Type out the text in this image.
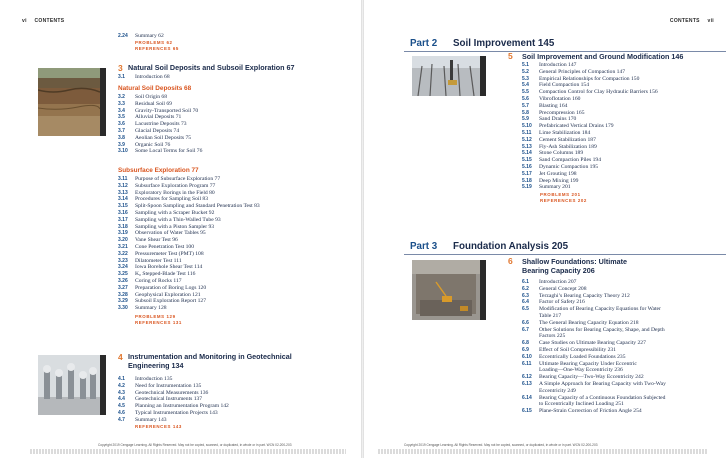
vi CONTENTS
2.24 Summary 62
PROBLEMS 62
REFERENCES 65
3 Natural Soil Deposits and Subsoil Exploration 67
3.1 Introduction 68
Natural Soil Deposits 68
3.2 Soil Origin 68
3.3 Residual Soil 69
3.4 Gravity-Transported Soil 70
3.5 Alluvial Deposits 71
3.6 Lacustrine Deposits 73
3.7 Glacial Deposits 74
3.8 Aeolian Soil Deposits 75
3.9 Organic Soil 76
3.10 Some Local Terms for Soil 76
Subsurface Exploration 77
3.11 Purpose of Subsurface Exploration 77
3.12 Subsurface Exploration Program 77
3.13 Exploratory Borings in the Field 80
3.14 Procedures for Sampling Soil 83
3.15 Split-Spoon Sampling and Standard Penetration Test 83
3.16 Sampling with a Scraper Bucket 92
3.17 Sampling with a Thin-Walled Tube 93
3.18 Sampling with a Piston Sampler 93
3.19 Observation of Water Tables 95
3.20 Vane Shear Test 96
3.21 Cone Penetration Test 100
3.22 Pressuremeter Test (PMT) 108
3.23 Dilatometer Test 111
3.24 Iowa Borehole Shear Test 114
3.25 K₀ Stepped-Blade Test 116
3.26 Coring of Rocks 117
3.27 Preparation of Boring Logs 120
3.28 Geophysical Exploration 121
3.29 Subsoil Exploration Report 127
3.30 Summary 128
PROBLEMS 129
REFERENCES 131
4 Instrumentation and Monitoring in Geotechnical
Engineering 134
4.1 Introduction 135
4.2 Need for Instrumentation 135
4.3 Geotechnical Measurements 136
4.4 Geotechnical Instruments 137
4.5 Planning an Instrumentation Program 142
4.6 Typical Instrumentation Projects 143
4.7 Summary 143
REFERENCES 143
Copyright 2019 Cengage Learning. All Rights Reserved. May not be copied, scanned, or duplicated, in whole or in part. WCN 02-200-203
CONTENTS vii
Part 2 Soil Improvement 145
5 Soil Improvement and Ground Modification 146
5.1 Introduction 147
5.2 General Principles of Compaction 147
5.3 Empirical Relationships for Compaction 150
5.4 Field Compaction 154
5.5 Compaction Control for Clay Hydraulic Barriers 156
5.6 Vibroflotation 160
5.7 Blasting 164
5.8 Precompression 165
5.9 Sand Drains 170
5.10 Prefabricated Vertical Drains 179
5.11 Lime Stabilization 184
5.12 Cement Stabilization 187
5.13 Fly-Ash Stabilization 189
5.14 Stone Columns 189
5.15 Sand Compaction Piles 194
5.16 Dynamic Compaction 195
5.17 Jet Grouting 198
5.18 Deep Mixing 199
5.19 Summary 201
PROBLEMS 201
REFERENCES 202
Part 3 Foundation Analysis 205
6 Shallow Foundations: Ultimate
Bearing Capacity 206
6.1 Introduction 207
6.2 General Concept 208
6.3 Terzaghi’s Bearing Capacity Theory 212
6.4 Factor of Safety 216
6.5 Modification of Bearing Capacity Equations for Water
Table 217
6.6 The General Bearing Capacity Equation 218
6.7 Other Solutions for Bearing Capacity, Shape, and Depth
Factors 225
6.8 Case Studies on Ultimate Bearing Capacity 227
6.9 Effect of Soil Compressibility 231
6.10 Eccentrically Loaded Foundations 235
6.11 Ultimate Bearing Capacity Under Eccentric
Loading—One-Way Eccentricity 236
6.12 Bearing Capacity—Two-Way Eccentricity 242
6.13 A Simple Approach for Bearing Capacity with Two-Way
Eccentricity 249
6.14 Bearing Capacity of a Continuous Foundation Subjected
to Eccentrically Inclined Loading 251
6.15 Plane-Strain Correction of Friction Angle 254
Copyright 2019 Cengage Learning. All Rights Reserved. May not be copied, scanned, or duplicated, in whole or in part. WCN 02-200-203
